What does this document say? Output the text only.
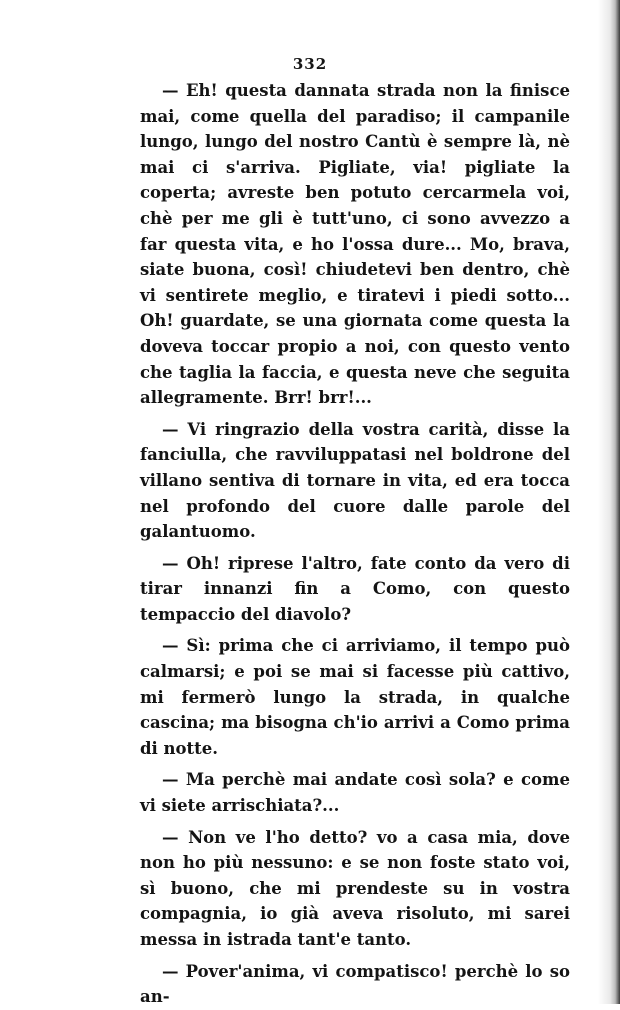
332

— Eh! questa dannata strada non la finisce mai, come quella del paradiso; il campanile lungo, lungo del nostro Cantù è sempre là, nè mai ci s'arriva. Pigliate, via! pigliate la coperta; avreste ben potuto cercarmela voi, chè per me gli è tutt'uno, ci sono avvezzo a far questa vita, e ho l'ossa dure... Mo, brava, siate buona, così! chiudetevi ben dentro, chè vi sentirete meglio, e tiratevi i piedi sotto... Oh! guardate, se una giornata come questa la doveva toccar propio a noi, con questo vento che taglia la faccia, e questa neve che seguita allegramente. Brr! brr!...

— Vi ringrazio della vostra carità, disse la fanciulla, che ravviluppatasi nel boldrone del villano sentiva di tornare in vita, ed era tocca nel profondo del cuore dalle parole del galantuomo.

— Oh! riprese l'altro, fate conto da vero di tirar innanzi fin a Como, con questo tempaccio del diavolo?

— Sì: prima che ci arriviamo, il tempo può calmarsi; e poi se mai si facesse più cattivo, mi fermerò lungo la strada, in qualche cascina; ma bisogna ch'io arrivi a Como prima di notte.

— Ma perchè mai andate così sola? e come vi siete arrischiata?...

— Non ve l'ho detto? vo a casa mia, dove non ho più nessuno: e se non foste stato voi, sì buono, che mi prendeste su in vostra compagnia, io già aveva risoluto, mi sarei messa in istrada tant'e tanto.

— Pover'anima, vi compatisco! perchè lo so an-
